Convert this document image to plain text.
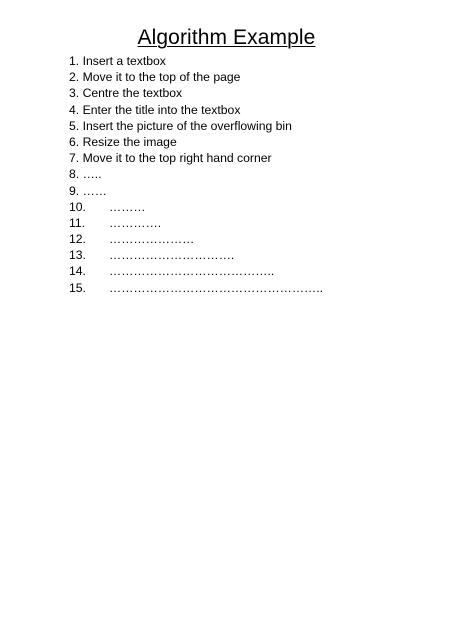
Algorithm Example
1. Insert a textbox
2. Move it to the top of the page
3. Centre the textbox
4. Enter the title into the textbox
5. Insert the picture of the overflowing bin
6. Resize the image
7. Move it to the top right hand corner
8. …..
9. ……
10. ………
11. ………….
12. …………………
13. ………………………….
14. …………………………………..
15. ……………………………………………..
